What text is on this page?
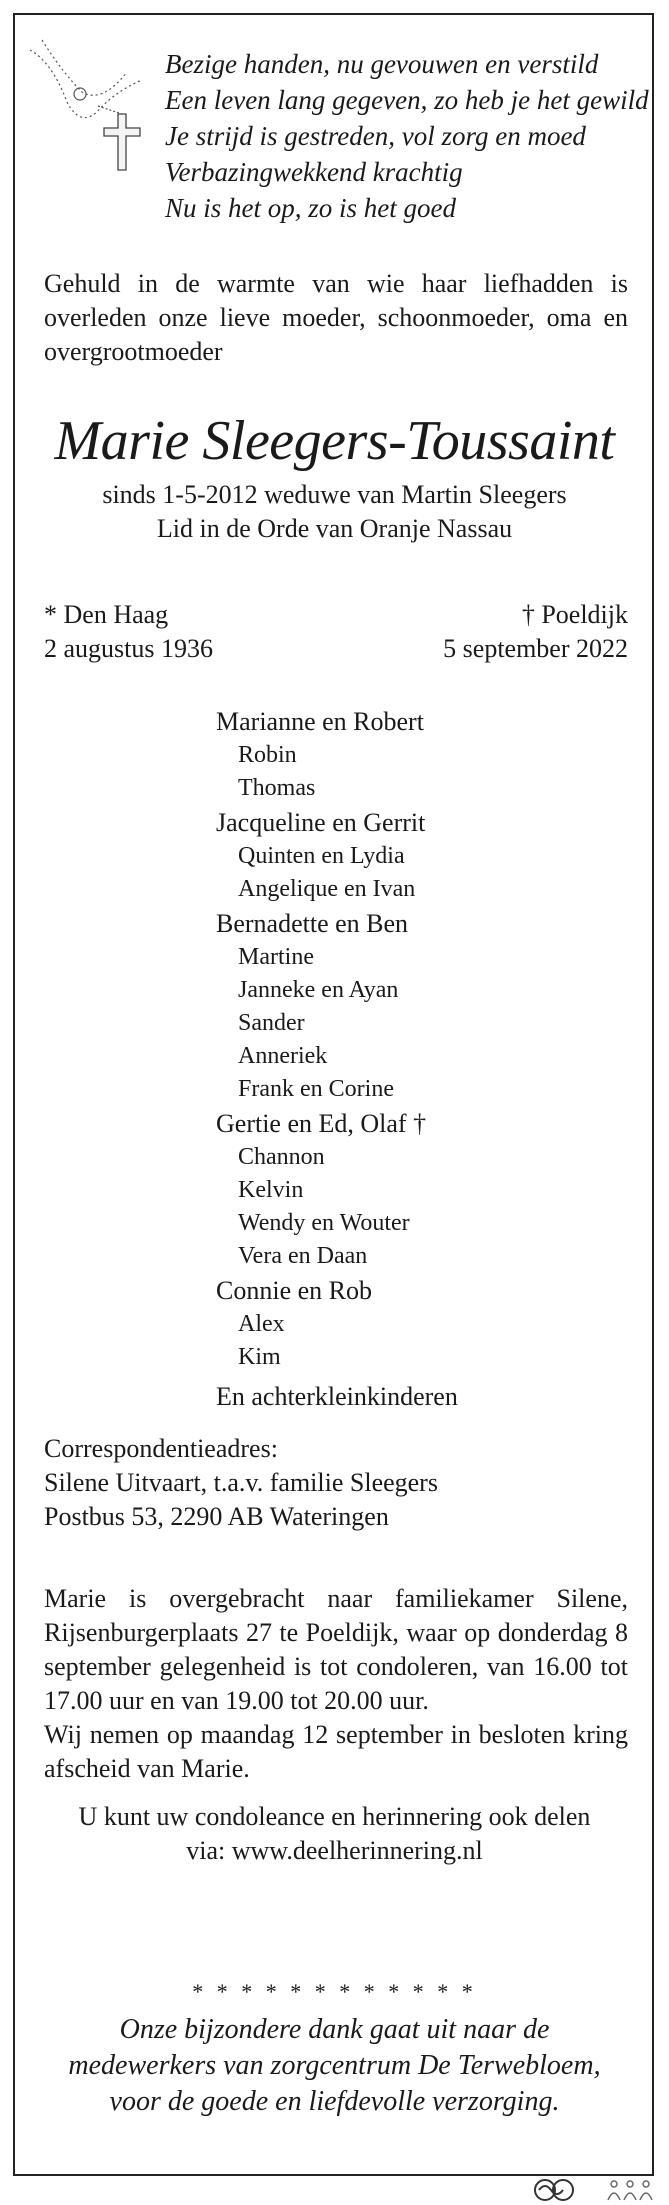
Bezige handen, nu gevouwen en verstild
Een leven lang gegeven, zo heb je het gewild
Je strijd is gestreden, vol zorg en moed
Verbazingwekkend krachtig
Nu is het op, zo is het goed
Gehuld in de warmte van wie haar liefhadden is overleden onze lieve moeder, schoonmoeder, oma en overgrootmoeder
Marie Sleegers-Toussaint
sinds 1-5-2012 weduwe van Martin Sleegers
Lid in de Orde van Oranje Nassau
* Den Haag	† Poeldijk
2 augustus 1936	5 september 2022
Marianne en Robert
Robin
Thomas
Jacqueline en Gerrit
Quinten en Lydia
Angelique en Ivan
Bernadette en Ben
Martine
Janneke en Ayan
Sander
Anneriek
Frank en Corine
Gertie en Ed, Olaf †
Channon
Kelvin
Wendy en Wouter
Vera en Daan
Connie en Rob
Alex
Kim
En achterkleinkinderen
Correspondentieadres:
Silene Uitvaart, t.a.v. familie Sleegers
Postbus 53, 2290 AB Wateringen
Marie is overgebracht naar familiekamer Silene, Rijsenburgerplaats 27 te Poeldijk, waar op donderdag 8 september gelegenheid is tot condoleren, van 16.00 tot 17.00 uur en van 19.00 tot 20.00 uur.
Wij nemen op maandag 12 september in besloten kring afscheid van Marie.
U kunt uw condoleance en herinnering ook delen
via: www.deelherinnering.nl
* * * * * * * * * * * *
Onze bijzondere dank gaat uit naar de
medewerkers van zorgcentrum De Terwebloem,
voor de goede en liefdevolle verzorging.
